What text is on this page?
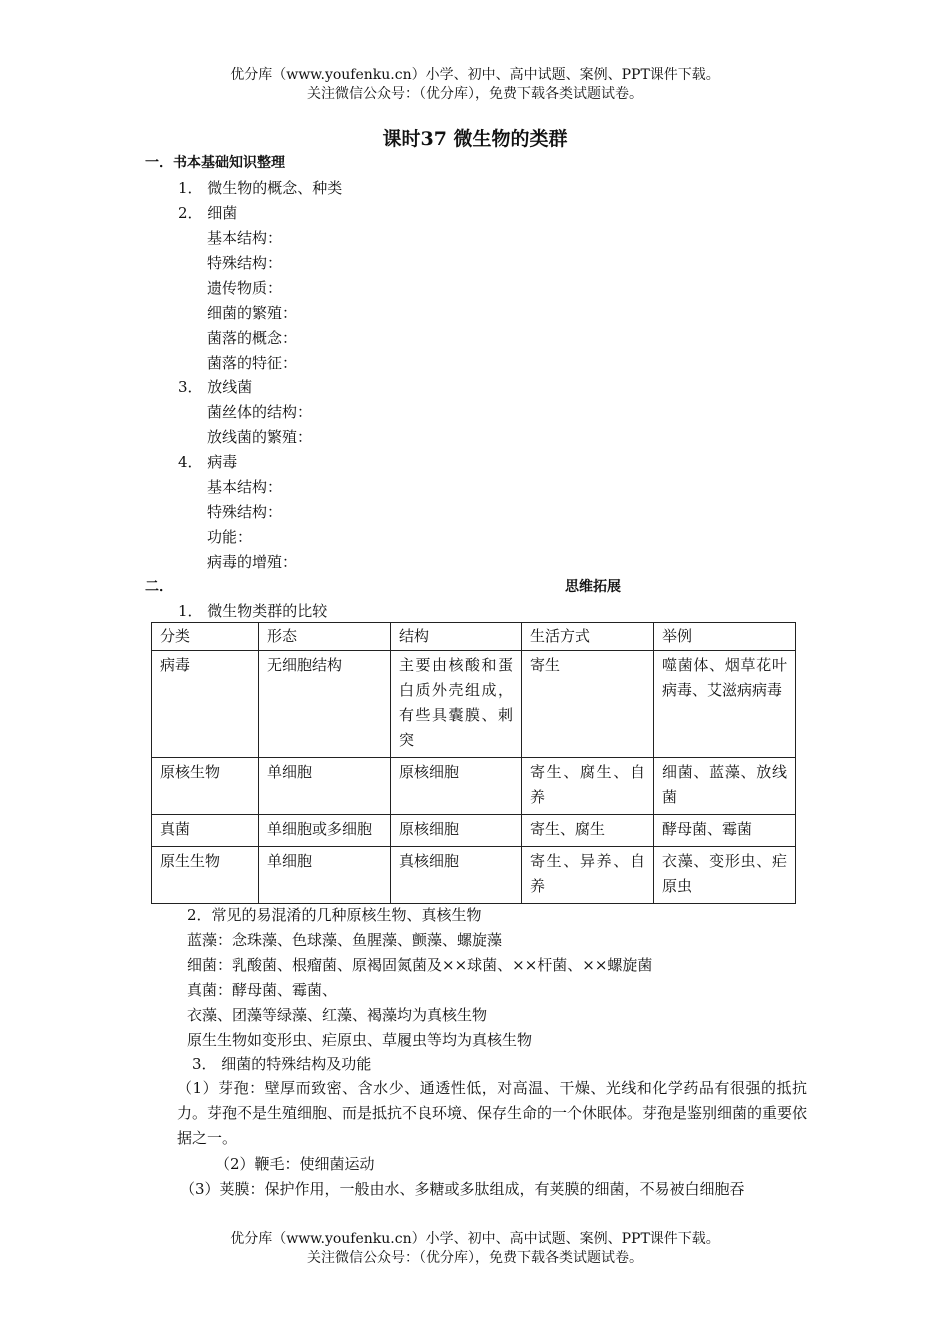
优分库（www.youfenku.cn）小学、初中、高中试题、案例、PPT课件下载。
关注微信公众号：（优分库），免费下载各类试题试卷。
课时37 微生物的类群
一．书本基础知识整理
1． 微生物的概念、种类
2． 细菌
基本结构：
特殊结构：
遗传物质：
细菌的繁殖：
菌落的概念：
菌落的特征：
3． 放线菌
菌丝体的结构：
放线菌的繁殖：
4． 病毒
基本结构：
特殊结构：
功能：
病毒的增殖：
二．	思维拓展
1． 微生物类群的比较
分类	形态	结构	生活方式	举例
病毒	无细胞结构	主要由核酸和蛋白质外壳组成，有些具囊膜、刺突	寄生	噬菌体、烟草花叶病毒、艾滋病病毒
原核生物	单细胞	原核细胞	寄生、腐生、自养	细菌、蓝藻、放线菌
真菌	单细胞或多细胞	原核细胞	寄生、腐生	酵母菌、霉菌
原生生物	单细胞	真核细胞	寄生、异养、自养	衣藻、变形虫、疟原虫
2．常见的易混淆的几种原核生物、真核生物
蓝藻：念珠藻、色球藻、鱼腥藻、颤藻、螺旋藻
细菌：乳酸菌、根瘤菌、原褐固氮菌及××球菌、××杆菌、××螺旋菌
真菌：酵母菌、霉菌、
衣藻、团藻等绿藻、红藻、褐藻均为真核生物
原生生物如变形虫、疟原虫、草履虫等均为真核生物
3． 细菌的特殊结构及功能
（1）芽孢：壁厚而致密、含水少、通透性低，对高温、干燥、光线和化学药品有很强的抵抗力。芽孢不是生殖细胞、而是抵抗不良环境、保存生命的一个休眠体。芽孢是鉴别细菌的重要依据之一。
（2）鞭毛：使细菌运动
（3）荚膜：保护作用，一般由水、多糖或多肽组成，有荚膜的细菌，不易被白细胞吞
优分库（www.youfenku.cn）小学、初中、高中试题、案例、PPT课件下载。
关注微信公众号：（优分库），免费下载各类试题试卷。
